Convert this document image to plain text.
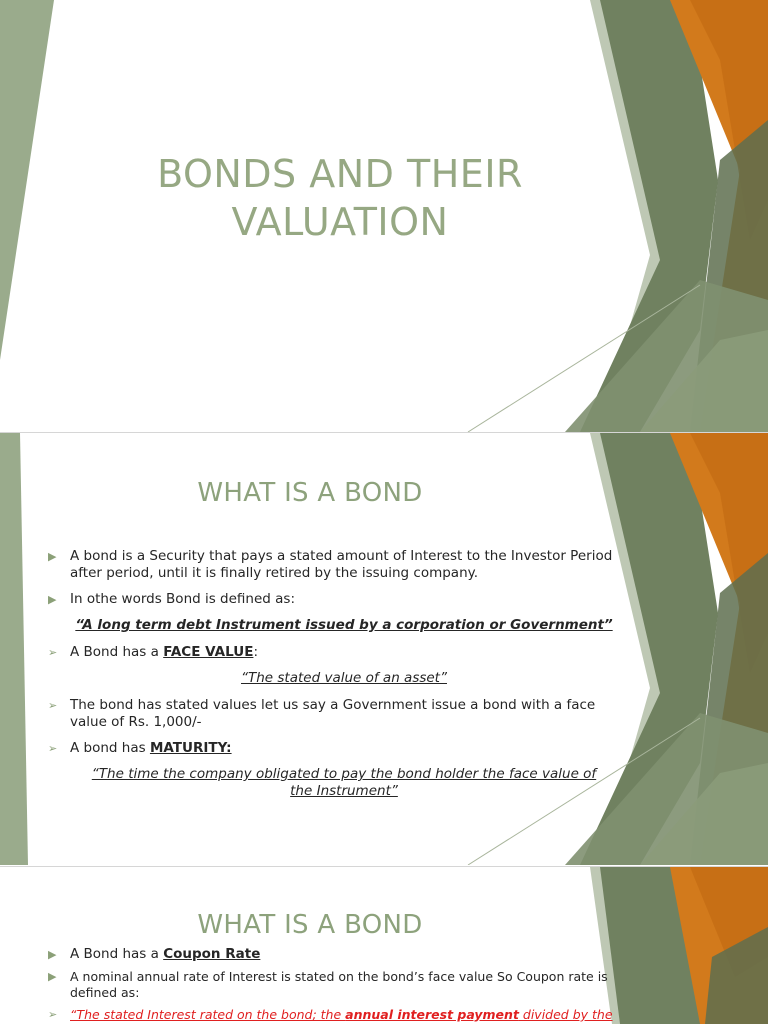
BONDS AND THEIR
VALUATION
WHAT IS A BOND
▶ A bond is a Security that pays a stated amount of Interest to the Investor Period after period, until it is finally retired by the issuing company.
▶ In othe words Bond is defined as:
“A long term debt Instrument issued by a corporation or Government”
➢ A Bond has a FACE VALUE:
“The stated value of an asset”
➢ The bond has stated values let us say a Government issue a bond with a face value of Rs. 1,000/-
➢ A bond has MATURITY:
“The time the company obligated to pay the bond holder the face value of the Instrument”
WHAT IS A BOND
▶ A Bond has a Coupon Rate
▶ A nominal annual rate of Interest is stated on the bond’s face value So Coupon rate is defined as:
➢ “The stated Interest rated on the bond; the annual interest payment divided by the
